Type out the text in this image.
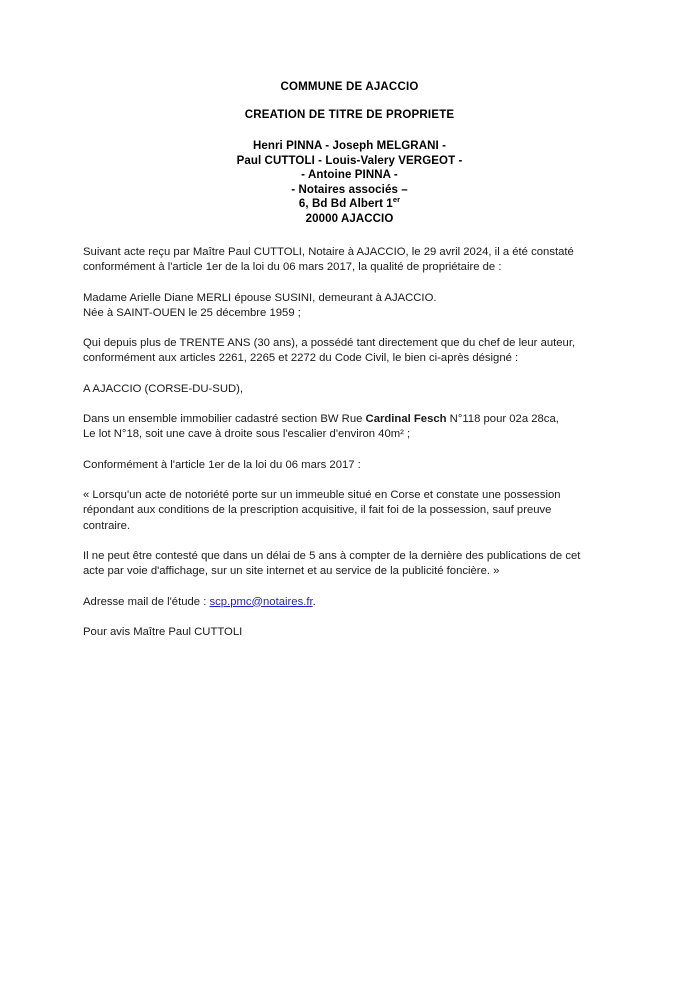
COMMUNE DE AJACCIO
CREATION DE TITRE DE PROPRIETE
Henri PINNA - Joseph MELGRANI -
Paul CUTTOLI - Louis-Valery VERGEOT -
- Antoine PINNA -
- Notaires associés –
6, Bd Bd Albert 1er
20000 AJACCIO

Suivant acte reçu par Maître Paul CUTTOLI, Notaire à AJACCIO, le 29 avril 2024, il a été constaté
conformément à l'article 1er de la loi du 06 mars 2017, la qualité de propriétaire de :

Madame Arielle Diane MERLI épouse SUSINI, demeurant à AJACCIO.
Née à SAINT-OUEN le 25 décembre 1959 ;

Qui depuis plus de TRENTE ANS (30 ans), a possédé tant directement que du chef de leur auteur,
conformément aux articles 2261, 2265 et 2272 du Code Civil, le bien ci-après désigné :

A AJACCIO (CORSE-DU-SUD),

Dans un ensemble immobilier cadastré section BW Rue Cardinal Fesch N°118 pour 02a 28ca,
Le lot N°18, soit une cave à droite sous l'escalier d'environ 40m² ;

Conformément à l'article 1er de la loi du 06 mars 2017 :

« Lorsqu'un acte de notoriété porte sur un immeuble situé en Corse et constate une possession
répondant aux conditions de la prescription acquisitive, il fait foi de la possession, sauf preuve
contraire.

Il ne peut être contesté que dans un délai de 5 ans à compter de la dernière des publications de cet
acte par voie d'affichage, sur un site internet et au service de la publicité foncière. »

Adresse mail de l'étude : scp.pmc@notaires.fr.

Pour avis Maître Paul CUTTOLI
